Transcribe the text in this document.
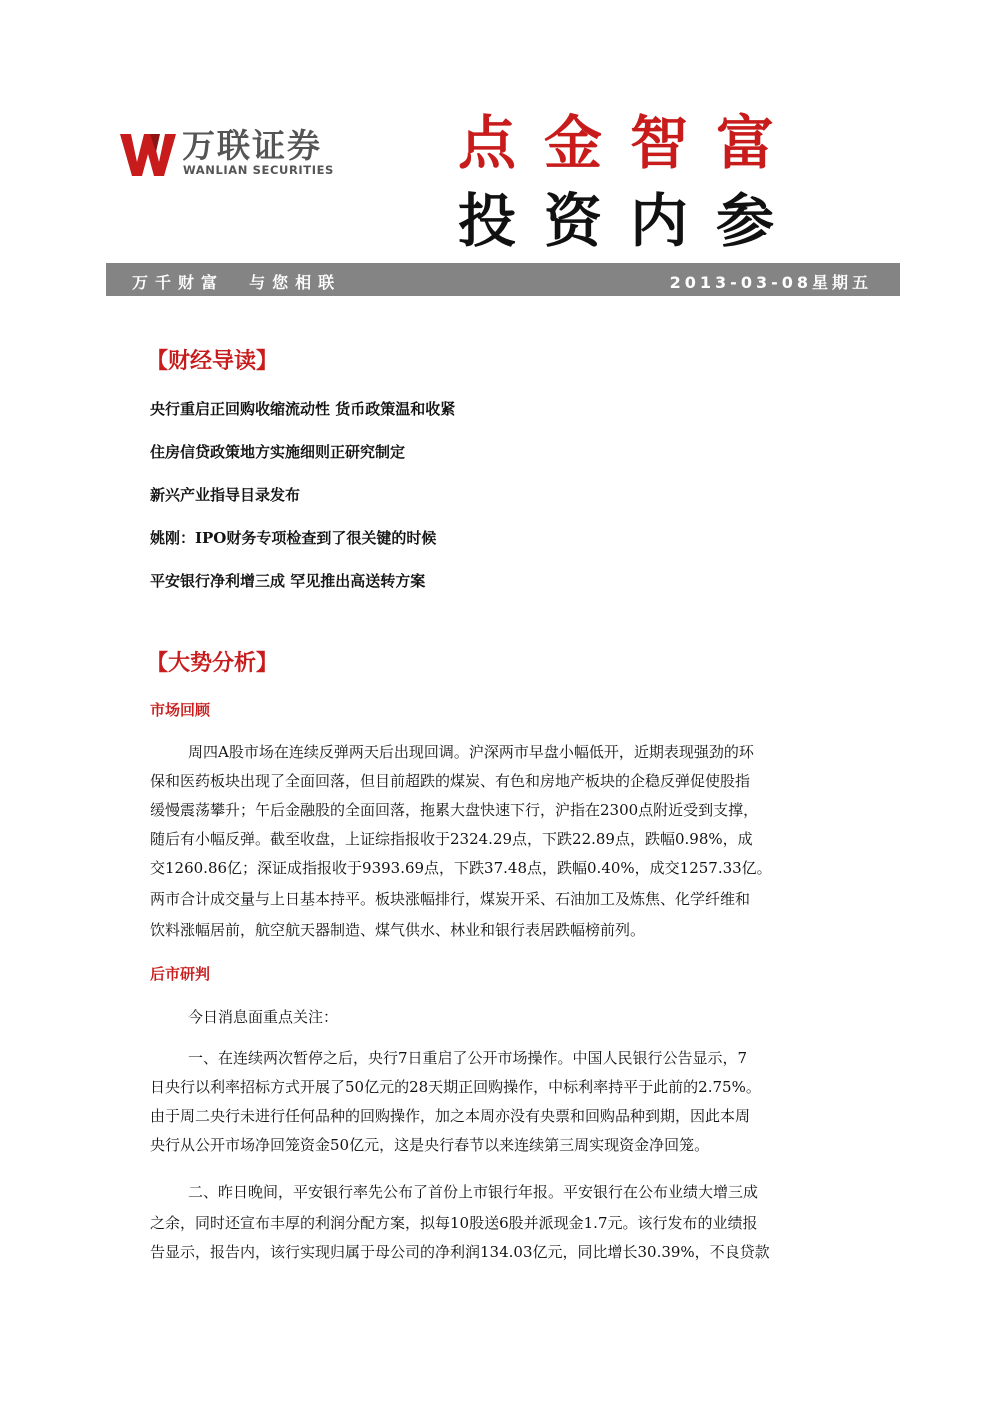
万联证券
WANLIAN SECURITIES 点金智富
投资内参
万千财富  与您相联	2013-03-08星期五
【财经导读】
央行重启正回购收缩流动性 货币政策温和收紧
住房信贷政策地方实施细则正研究制定
新兴产业指导目录发布
姚刚：IPO财务专项检查到了很关键的时候
平安银行净利增三成 罕见推出高送转方案
【大势分析】
市场回顾
周四A股市场在连续反弹两天后出现回调。沪深两市早盘小幅低开，近期表现强劲的环
保和医药板块出现了全面回落，但目前超跌的煤炭、有色和房地产板块的企稳反弹促使股指
缓慢震荡攀升；午后金融股的全面回落，拖累大盘快速下行，沪指在2300点附近受到支撑，
随后有小幅反弹。截至收盘，上证综指报收于2324.29点，下跌22.89点，跌幅0.98%，成
交1260.86亿；深证成指报收于9393.69点，下跌37.48点，跌幅0.40%，成交1257.33亿。
两市合计成交量与上日基本持平。板块涨幅排行，煤炭开采、石油加工及炼焦、化学纤维和
饮料涨幅居前，航空航天器制造、煤气供水、林业和银行表居跌幅榜前列。
后市研判
今日消息面重点关注：
一、在连续两次暂停之后，央行7日重启了公开市场操作。中国人民银行公告显示，7
日央行以利率招标方式开展了50亿元的28天期正回购操作，中标利率持平于此前的2.75%。
由于周二央行未进行任何品种的回购操作，加之本周亦没有央票和回购品种到期，因此本周
央行从公开市场净回笼资金50亿元，这是央行春节以来连续第三周实现资金净回笼。
二、昨日晚间，平安银行率先公布了首份上市银行年报。平安银行在公布业绩大增三成
之余，同时还宣布丰厚的利润分配方案，拟每10股送6股并派现金1.7元。该行发布的业绩报
告显示，报告内，该行实现归属于母公司的净利润134.03亿元，同比增长30.39%，不良贷款
